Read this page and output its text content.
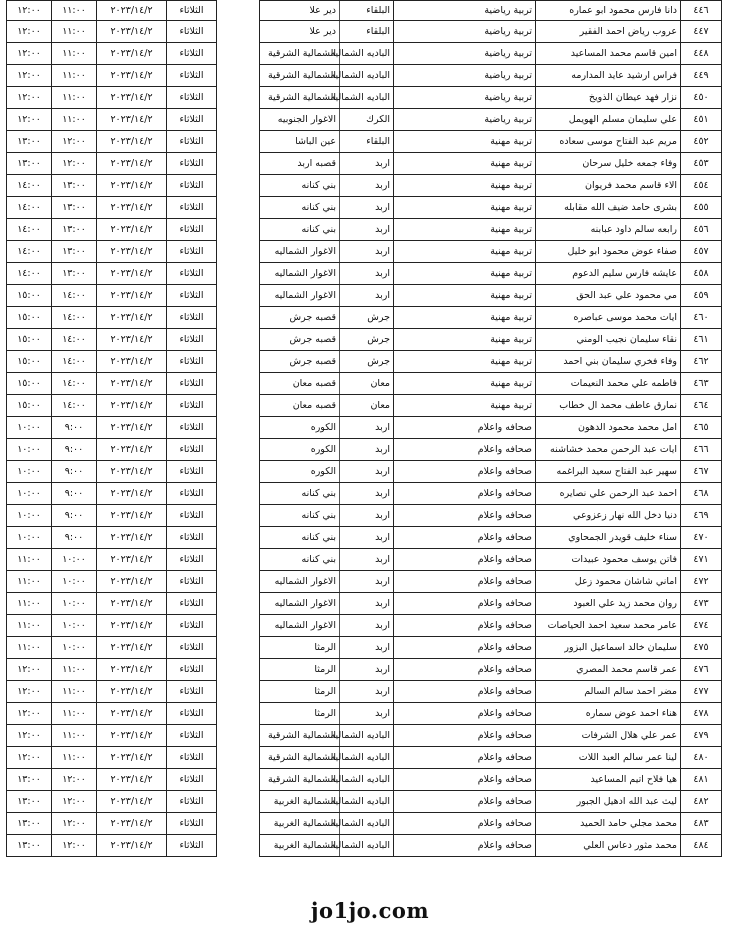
١٢:٠٠	١١:٠٠	٢٠٢٣/١٤/٢	الثلاثاء		دير علا	البلقاء	تربية رياضية	دانا فارس محمود ابو عماره	٤٤٦
١٢:٠٠	١١:٠٠	٢٠٢٣/١٤/٢	الثلاثاء		دير علا	البلقاء	تربية رياضية	عروب رياض احمد الفقير	٤٤٧
١٢:٠٠	١١:٠٠	٢٠٢٣/١٤/٢	الثلاثاء		الشمالية الشرقية	الباديه الشماليه	تربية رياضية	امين قاسم محمد المساعيد	٤٤٨
١٢:٠٠	١١:٠٠	٢٠٢٣/١٤/٢	الثلاثاء		الشمالية الشرقية	الباديه الشماليه	تربية رياضية	فراس ارشيد عايد المدارمه	٤٤٩
١٢:٠٠	١١:٠٠	٢٠٢٣/١٤/٢	الثلاثاء		الشمالية الشرقية	الباديه الشماليه	تربية رياضية	نزار فهد عيطان الذويخ	٤٥٠
١٢:٠٠	١١:٠٠	٢٠٢٣/١٤/٢	الثلاثاء		الاغوار الجنوبيه	الكرك	تربية رياضية	علي سليمان مسلم الهويمل	٤٥١
١٣:٠٠	١٢:٠٠	٢٠٢٣/١٤/٢	الثلاثاء		عين الباشا	البلقاء	تربية مهنية	مريم عبد الفتاح موسى سعاده	٤٥٢
١٣:٠٠	١٢:٠٠	٢٠٢٣/١٤/٢	الثلاثاء		قصبه اربد	اربد	تربية مهنية	وفاء جمعه خليل سرحان	٤٥٣
١٤:٠٠	١٣:٠٠	٢٠٢٣/١٤/٢	الثلاثاء		بني كنانه	اربد	تربية مهنية	الاء قاسم محمد فريوان	٤٥٤
١٤:٠٠	١٣:٠٠	٢٠٢٣/١٤/٢	الثلاثاء		بني كنانه	اربد	تربية مهنية	بشرى حامد ضيف الله مقابله	٤٥٥
١٤:٠٠	١٣:٠٠	٢٠٢٣/١٤/٢	الثلاثاء		بني كنانه	اربد	تربية مهنية	رابعه سالم داود عبابنه	٤٥٦
١٤:٠٠	١٣:٠٠	٢٠٢٣/١٤/٢	الثلاثاء		الاغوار الشماليه	اربد	تربية مهنية	صفاء عوض محمود ابو خليل	٤٥٧
١٤:٠٠	١٣:٠٠	٢٠٢٣/١٤/٢	الثلاثاء		الاغوار الشماليه	اربد	تربية مهنية	عايشه فارس سليم الدعوم	٤٥٨
١٥:٠٠	١٤:٠٠	٢٠٢٣/١٤/٢	الثلاثاء		الاغوار الشماليه	اربد	تربية مهنية	مي محمود علي عبد الحق	٤٥٩
١٥:٠٠	١٤:٠٠	٢٠٢٣/١٤/٢	الثلاثاء		قصبه جرش	جرش	تربية مهنية	ايات محمد موسى عباصره	٤٦٠
١٥:٠٠	١٤:٠٠	٢٠٢٣/١٤/٢	الثلاثاء		قصبه جرش	جرش	تربية مهنية	نقاء سليمان نجيب الومني	٤٦١
١٥:٠٠	١٤:٠٠	٢٠٢٣/١٤/٢	الثلاثاء		قصبه جرش	جرش	تربية مهنية	وفاء فخري سليمان بني احمد	٤٦٢
١٥:٠٠	١٤:٠٠	٢٠٢٣/١٤/٢	الثلاثاء		قصبه معان	معان	تربية مهنية	فاطمه علي محمد النعيمات	٤٦٣
١٥:٠٠	١٤:٠٠	٢٠٢٣/١٤/٢	الثلاثاء		قصبه معان	معان	تربية مهنية	نمارق عاطف محمد ال خطاب	٤٦٤
١٠:٠٠	٩:٠٠	٢٠٢٣/١٤/٢	الثلاثاء		الكوره	اربد	صحافه واعلام	امل محمد محمود الدهون	٤٦٥
١٠:٠٠	٩:٠٠	٢٠٢٣/١٤/٢	الثلاثاء		الكوره	اربد	صحافه واعلام	ايات عبد الرحمن محمد خشاشنه	٤٦٦
١٠:٠٠	٩:٠٠	٢٠٢٣/١٤/٢	الثلاثاء		الكوره	اربد	صحافه واعلام	سهير عبد الفتاح سعيد البراغمه	٤٦٧
١٠:٠٠	٩:٠٠	٢٠٢٣/١٤/٢	الثلاثاء		بني كنانه	اربد	صحافه واعلام	احمد عبد الرحمن علي نصايره	٤٦٨
١٠:٠٠	٩:٠٠	٢٠٢٣/١٤/٢	الثلاثاء		بني كنانه	اربد	صحافه واعلام	دنيا دخل الله نهار زعزوعي	٤٦٩
١٠:٠٠	٩:٠٠	٢٠٢٣/١٤/٢	الثلاثاء		بني كنانه	اربد	صحافه واعلام	سناء خليف قويدر الجمحاوي	٤٧٠
١١:٠٠	١٠:٠٠	٢٠٢٣/١٤/٢	الثلاثاء		بني كنانه	اربد	صحافه واعلام	فاتن يوسف محمود عبيدات	٤٧١
١١:٠٠	١٠:٠٠	٢٠٢٣/١٤/٢	الثلاثاء		الاغوار الشماليه	اربد	صحافه واعلام	اماني شاشان محمود زعل	٤٧٢
١١:٠٠	١٠:٠٠	٢٠٢٣/١٤/٢	الثلاثاء		الاغوار الشماليه	اربد	صحافه واعلام	روان محمد زيد علي العبود	٤٧٣
١١:٠٠	١٠:٠٠	٢٠٢٣/١٤/٢	الثلاثاء		الاغوار الشماليه	اربد	صحافه واعلام	عامر محمد سعيد احمد الحياصات	٤٧٤
١١:٠٠	١٠:٠٠	٢٠٢٣/١٤/٢	الثلاثاء		الرمثا	اربد	صحافه واعلام	سليمان خالد اسماعيل البزور	٤٧٥
١٢:٠٠	١١:٠٠	٢٠٢٣/١٤/٢	الثلاثاء		الرمثا	اربد	صحافه واعلام	عمر قاسم محمد المصري	٤٧٦
١٢:٠٠	١١:٠٠	٢٠٢٣/١٤/٢	الثلاثاء		الرمثا	اربد	صحافه واعلام	مضر احمد سالم السالم	٤٧٧
١٢:٠٠	١١:٠٠	٢٠٢٣/١٤/٢	الثلاثاء		الرمثا	اربد	صحافه واعلام	هناء احمد عوض سماره	٤٧٨
١٢:٠٠	١١:٠٠	٢٠٢٣/١٤/٢	الثلاثاء		الشمالية الشرقية	الباديه الشماليه	صحافه واعلام	عمر علي هلال الشرفات	٤٧٩
١٢:٠٠	١١:٠٠	٢٠٢٣/١٤/٢	الثلاثاء		الشمالية الشرقية	الباديه الشماليه	صحافه واعلام	لينا عمر سالم العبد اللات	٤٨٠
١٣:٠٠	١٢:٠٠	٢٠٢٣/١٤/٢	الثلاثاء		الشمالية الشرقية	الباديه الشماليه	صحافه واعلام	هيا فلاح اتيم المساعيد	٤٨١
١٣:٠٠	١٢:٠٠	٢٠٢٣/١٤/٢	الثلاثاء		الشمالية الغربية	الباديه الشماليه	صحافه واعلام	ليث عبد الله ادهيل الجبور	٤٨٢
١٣:٠٠	١٢:٠٠	٢٠٢٣/١٤/٢	الثلاثاء		الشمالية الغربية	الباديه الشماليه	صحافه واعلام	محمد مجلي حامد الحميد	٤٨٣
١٣:٠٠	١٢:٠٠	٢٠٢٣/١٤/٢	الثلاثاء		الشمالية الغربية	الباديه الشماليه	صحافه واعلام	محمد مثور دعاس العلي	٤٨٤
jo1jo.com
